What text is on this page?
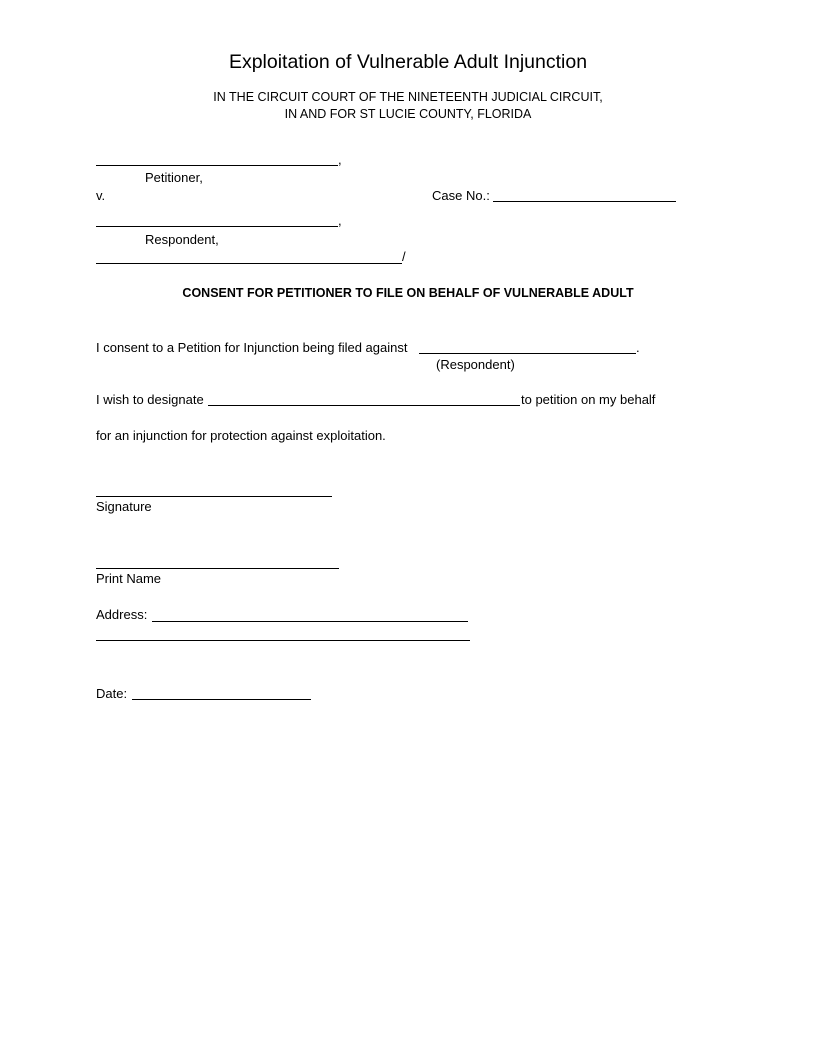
Exploitation of Vulnerable Adult Injunction
IN THE CIRCUIT COURT OF THE NINETEENTH JUDICIAL CIRCUIT,
IN AND FOR ST LUCIE COUNTY, FLORIDA
,
Petitioner,
v.	Case No.:
,
Respondent,
/
CONSENT FOR PETITIONER TO FILE ON BEHALF OF VULNERABLE ADULT
I consent to a Petition for Injunction being filed against	.
(Respondent)
I wish to designate	to petition on my behalf
for an injunction for protection against exploitation.
Signature
Print Name
Address:
Date:
